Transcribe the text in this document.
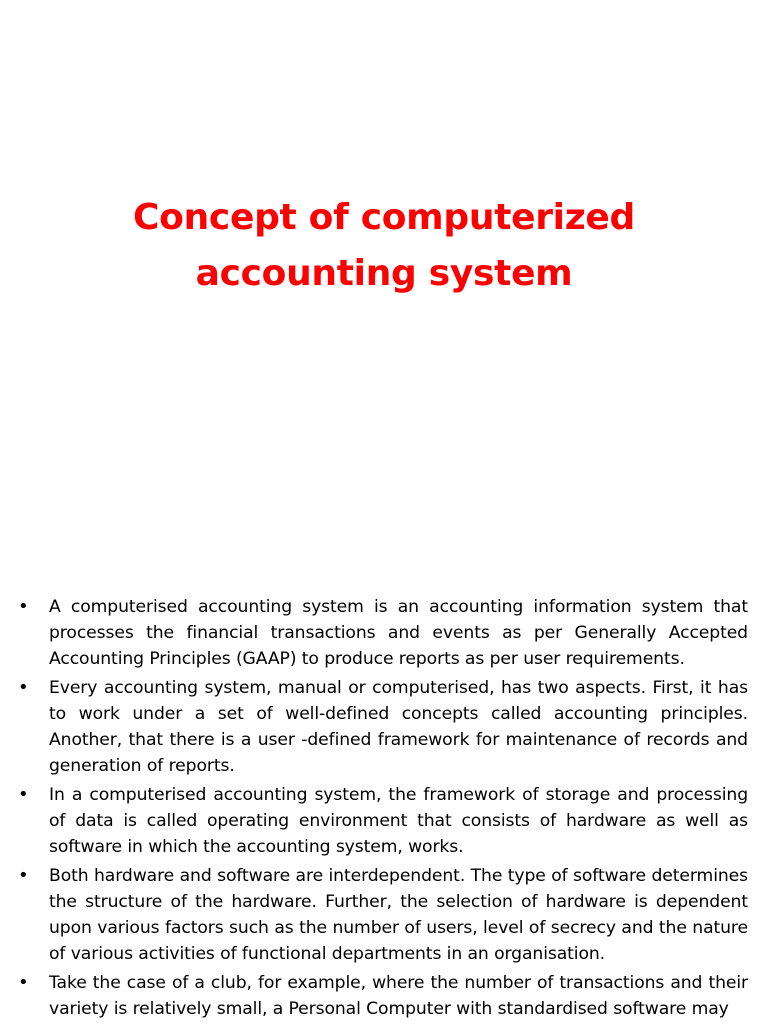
Concept of computerized
accounting system
•	A computerised accounting system is an accounting information system that processes the financial transactions and events as per Generally Accepted Accounting Principles (GAAP) to produce reports as per user requirements.
•	Every accounting system, manual or computerised, has two aspects. First, it has to work under a set of well-defined concepts called accounting principles. Another, that there is a user -defined framework for maintenance of records and generation of reports.
•	In a computerised accounting system, the framework of storage and processing of data is called operating environment that consists of hardware as well as software in which the accounting system, works.
•	Both hardware and software are interdependent. The type of software determines the structure of the hardware. Further, the selection of hardware is dependent upon various factors such as the number of users, level of secrecy and the nature of various activities of functional departments in an organisation.
•	Take the case of a club, for example, where the number of transactions and their variety is relatively small, a Personal Computer with standardised software may
